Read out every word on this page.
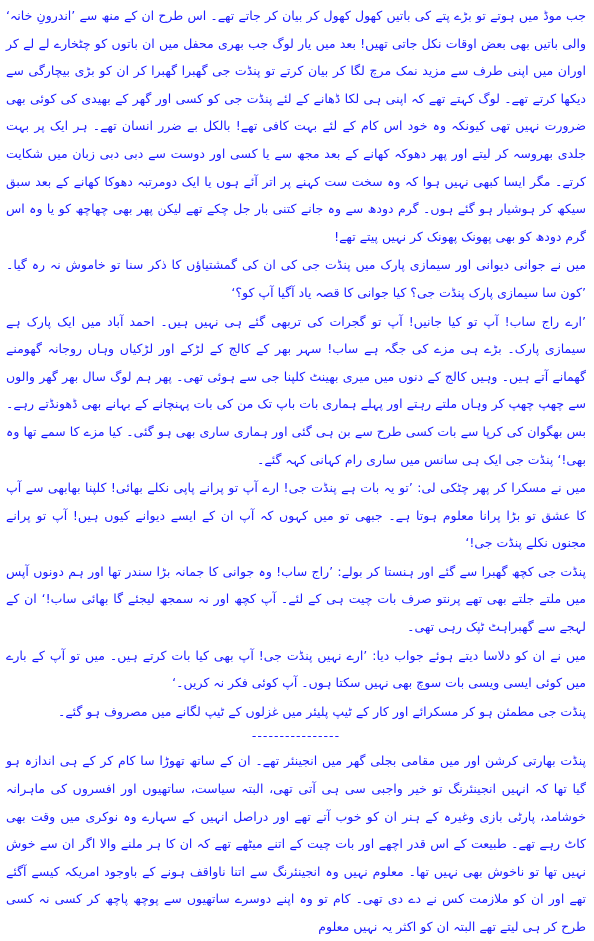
جب موڈ میں ہوتے تو بڑے پتے کی باتیں کھول کھول کر بیان کر جاتے تھے۔ اس طرح ان کے منھ سے ’اندرونِ خانہ‘ والی باتیں بھی بعض اوقات نکل جاتی تھیں! بعد میں یار لوگ جب بھری محفل میں ان باتوں کو چٹخارے لے لے کر اوران میں اپنی طرف سے مزید نمک مرچ لگا کر بیان کرتے تو پنڈت جی گھبرا گھبرا کر ان کو بڑی بیچارگی سے دیکھا کرتے تھے۔ لوگ کہتے تھے کہ اپنی ہی لکا ڈھانے کے لئے پنڈت جی کو کسی اور گھر کے بھیدی کی کوئی بھی ضرورت نہیں تھی کیونکہ وہ خود اس کام کے لئے بہت کافی تھے! بالکل بے ضرر انسان تھے۔ ہر ایک پر بہت جلدی بھروسہ کر لیتے اور پھر دھوکہ کھانے کے بعد مجھ سے یا کسی اور دوست سے دبی دبی زبان میں شکایت کرتے۔ مگر ایسا کبھی نہیں ہوا کہ وہ سخت ست کہنے پر اتر آئے ہوں یا ایک دومرتبہ دھوکا کھانے کے بعد سبق سیکھ کر ہوشیار ہو گئے ہوں۔ گرم دودھ سے وہ جانے کتنی بار جل چکے تھے لیکن پھر بھی چھاچھ کو یا وہ اس گرم دودھ کو بھی پھونک پھونک کر نہیں پیتے تھے!

میں نے جوانی دیوانی اور سیمازی پارک میں پنڈت جی کی ان کی گمشتیاؤں کا ذکر سنا تو خاموش نہ رہ گیا۔ ’کون سا سیمازی پارک پنڈت جی؟ کیا جوانی کا قصہ یاد آگیا آپ کو؟‘

’ارے راج ساب! آپ تو کیا جانیں! آپ تو گجرات کی تربھی گئے ہی نہیں ہیں۔ احمد آباد میں ایک پارک ہے سیمازی پارک۔ بڑے ہی مزے کی جگہ ہے ساب! سہر بھر کے کالج کے لڑکے اور لڑکیاں وہاں روجانہ گھومنے گھمانے آتے ہیں۔ وہیں کالج کے دنوں میں میری بھینٹ کلپنا جی سے ہوئی تھی۔ پھر ہم لوگ سال بھر گھر والوں سے چھپ چھپ کر وہاں ملتے رہتے اور پہلے ہماری بات باپ تک من کی بات پہنچانے کے بہانے بھی ڈھونڈتے رہے۔ بس بھگوان کی کرپا سے بات کسی طرح سے بن ہی گئی اور ہماری ساری بھی ہو گئی۔ کیا مزے کا سمے تھا وہ بھی!‘ پنڈت جی ایک ہی سانس میں ساری رام کہانی کہہ گئے۔

میں نے مسکرا کر پھر چٹکی لی: ’تو یہ بات ہے پنڈت جی! ارے آپ تو پرانے پاپی نکلے بھائی! کلپنا بھابھی سے آپ کا عشق تو بڑا پرانا معلوم ہوتا ہے۔ جبھی تو میں کہوں کہ آپ ان کے ایسے دیوانے کیوں ہیں! آپ تو پرانے مجنوں نکلے پنڈت جی!‘

پنڈت جی کچھ گھبرا سے گئے اور ہنستا کر بولے: ’راج ساب! وہ جوانی کا جمانہ بڑا سندر تھا اور ہم دونوں آپس میں ملتے جلتے بھی تھے پرنتو صرف بات چیت ہی کے لئے۔ آپ کچھ اور نہ سمجھ لیجئے گا بھائی ساب!‘ ان کے لہجے سے گھبراہٹ ٹپک رہی تھی۔

میں نے ان کو دلاسا دیتے ہوئے جواب دیا: ’ارے نہیں پنڈت جی! آپ بھی کیا بات کرتے ہیں۔ میں تو آپ کے بارے میں کوئی ایسی ویسی بات سوچ بھی نہیں سکتا ہوں۔ آپ کوئی فکر نہ کریں۔‘

پنڈت جی مطمئن ہو کر مسکرائے اور کار کے ٹیپ پلیئر میں غزلوں کے ٹیپ لگانے میں مصروف ہو گئے۔

----------------

پنڈت بھارتی کرشن اور میں مقامی بجلی گھر میں انجینئر تھے۔ ان کے ساتھ تھوڑا سا کام کر کے ہی اندازہ ہو گیا تھا کہ انہیں انجینئرنگ تو خیر واجبی سی ہی آتی تھی، البتہ سیاست، ساتھیوں اور افسروں کی ماہرانہ خوشامد، پارٹی بازی وغیرہ کے ہنر ان کو خوب آتے تھے اور دراصل انہیں کے سہارے وہ نوکری میں وقت بھی کاٹ رہے تھے۔ طبیعت کے اس قدر اچھے اور بات چیت کے اتنے میٹھے تھے کہ ان کا ہر ملنے والا اگر ان سے خوش نہیں تھا تو ناخوش بھی نہیں تھا۔ معلوم نہیں وہ انجینئرنگ سے اتنا ناواقف ہونے کے باوجود امریکہ کیسے آگئے تھے اور ان کو ملازمت کس نے دے دی تھی۔ کام تو وہ اپنے دوسرے ساتھیوں سے پوچھ پاچھ کر کسی نہ کسی طرح کر ہی لیتے تھے البتہ ان کو اکثر یہ نہیں معلوم
